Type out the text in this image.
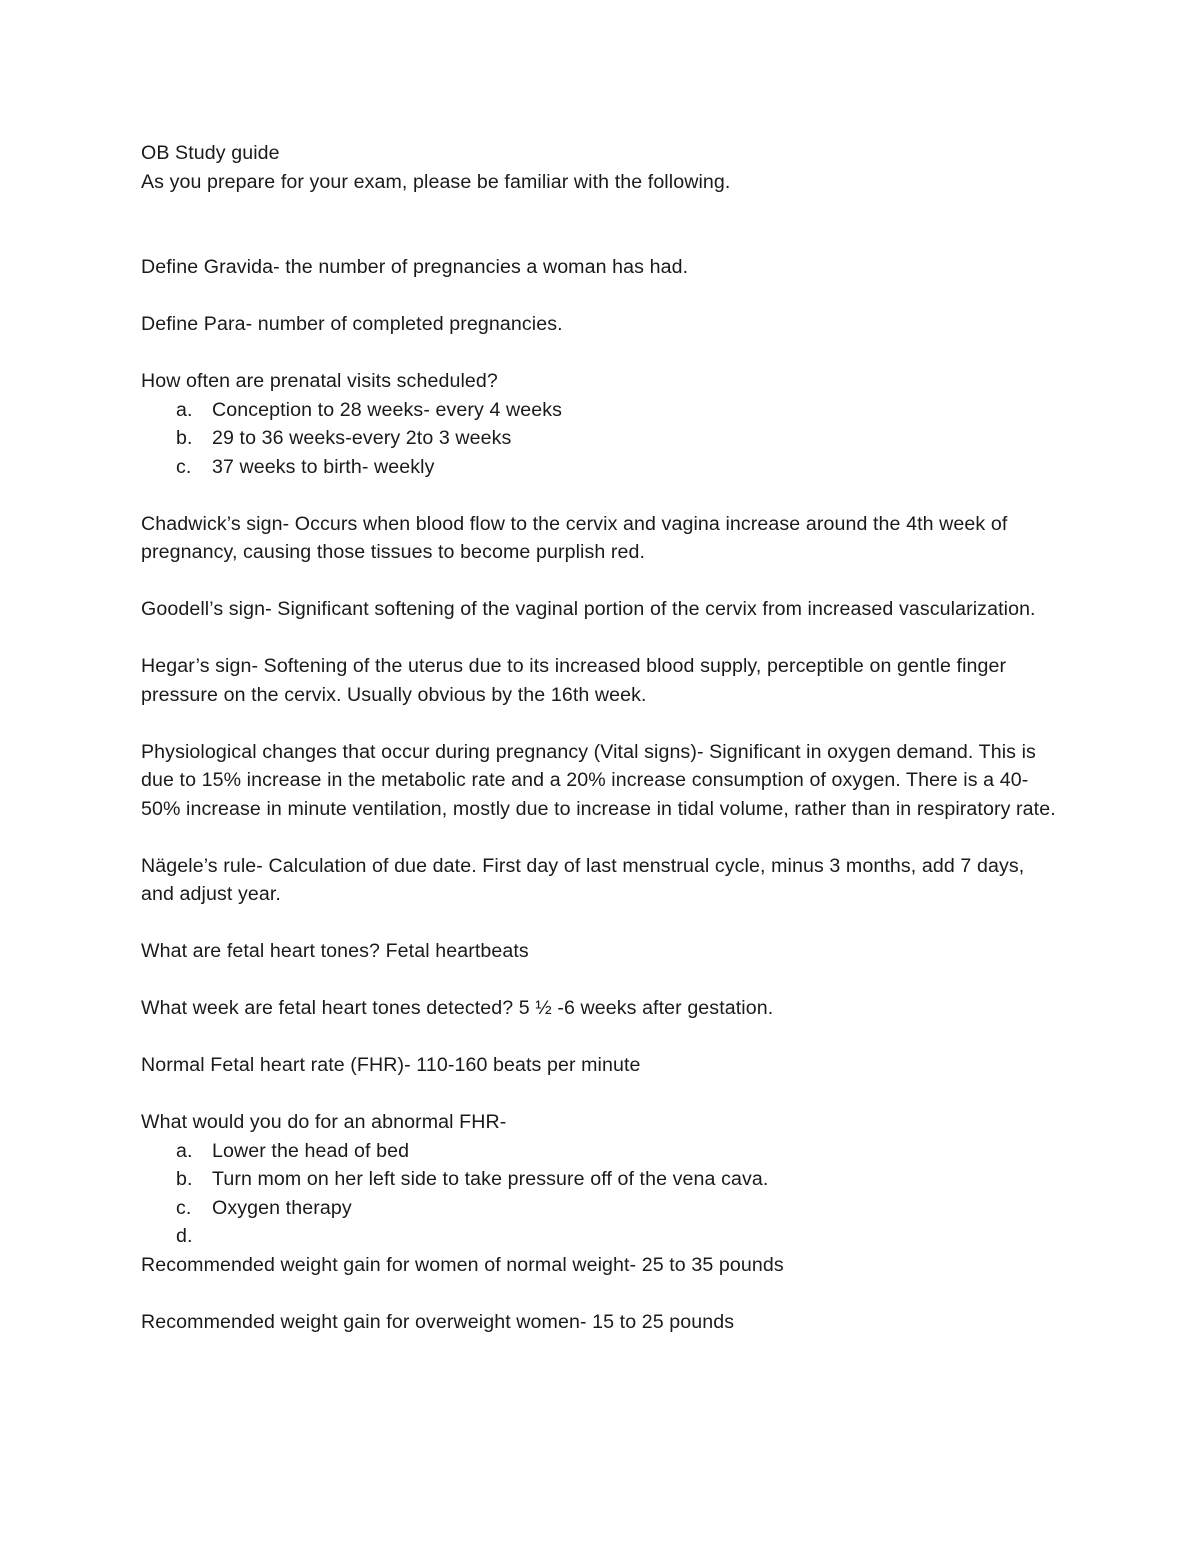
OB Study guide

As you prepare for your exam, please be familiar with the following.

Define Gravida- the number of pregnancies a woman has had.

Define Para- number of completed pregnancies.

How often are prenatal visits scheduled?

a. Conception to 28 weeks- every 4 weeks
b. 29 to 36 weeks-every 2to 3 weeks
c. 37 weeks to birth- weekly

Chadwick’s sign- Occurs when blood flow to the cervix and vagina increase around the 4th week of pregnancy, causing those tissues to become purplish red.

Goodell’s sign- Significant softening of the vaginal portion of the cervix from increased vascularization.

Hegar’s sign- Softening of the uterus due to its increased blood supply, perceptible on gentle finger pressure on the cervix. Usually obvious by the 16th week.

Physiological changes that occur during pregnancy (Vital signs)- Significant in oxygen demand. This is due to 15% increase in the metabolic rate and a 20% increase consumption of oxygen. There is a 40-50% increase in minute ventilation, mostly due to increase in tidal volume, rather than in respiratory rate.

Nägele’s rule- Calculation of due date. First day of last menstrual cycle, minus 3 months, add 7 days, and adjust year.

What are fetal heart tones? Fetal heartbeats

What week are fetal heart tones detected? 5 ½ -6 weeks after gestation.

Normal Fetal heart rate (FHR)- 110-160 beats per minute

What would you do for an abnormal FHR-

a. Lower the head of bed
b. Turn mom on her left side to take pressure off of the vena cava.
c. Oxygen therapy
d.

Recommended weight gain for women of normal weight- 25 to 35 pounds

Recommended weight gain for overweight women- 15 to 25 pounds
